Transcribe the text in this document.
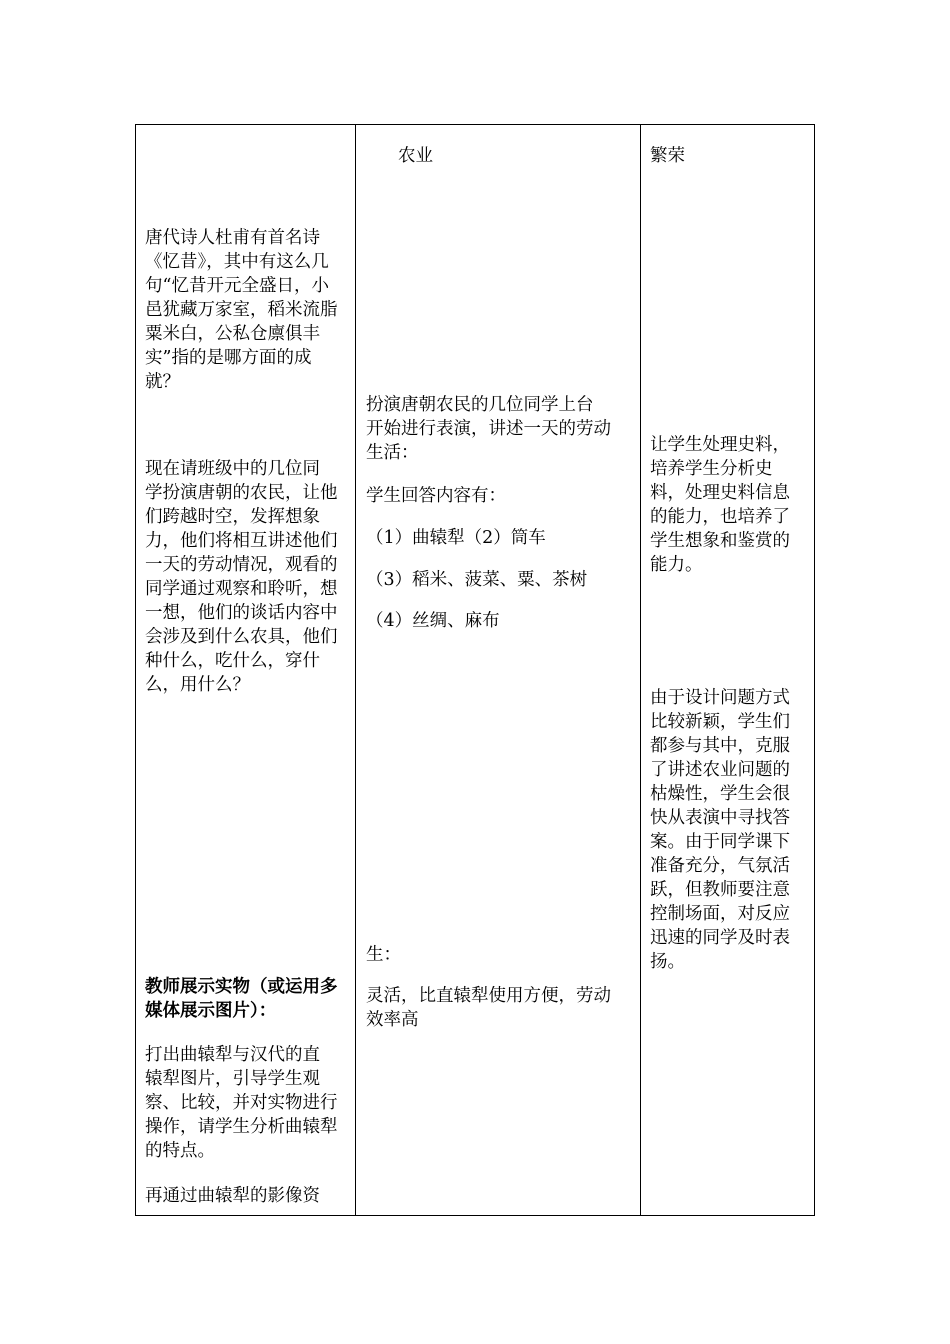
唐代诗人杜甫有首名诗
《忆昔》，其中有这么几
句“忆昔开元全盛日，小
邑犹藏万家室，稻米流脂
粟米白，公私仓廪俱丰
实”指的是哪方面的成
就？
现在请班级中的几位同
学扮演唐朝的农民，让他
们跨越时空，发挥想象
力，他们将相互讲述他们
一天的劳动情况，观看的
同学通过观察和聆听，想
一想，他们的谈话内容中
会涉及到什么农具，他们
种什么，吃什么，穿什
么，用什么？
教师展示实物（或运用多
媒体展示图片）：
打出曲辕犁与汉代的直
辕犁图片，引导学生观
察、比较，并对实物进行
操作，请学生分析曲辕犁
的特点。
再通过曲辕犁的影像资
农业
扮演唐朝农民的几位同学上台
开始进行表演，讲述一天的劳动
生活：
学生回答内容有：
（1）曲辕犁（2）筒车
（3）稻米、菠菜、粟、茶树
（4）丝绸、麻布
生：
灵活，比直辕犁使用方便，劳动
效率高
繁荣
让学生处理史料，
培养学生分析史
料，处理史料信息
的能力，也培养了
学生想象和鉴赏的
能力。
由于设计问题方式
比较新颖，学生们
都参与其中，克服
了讲述农业问题的
枯燥性，学生会很
快从表演中寻找答
案。由于同学课下
准备充分，气氛活
跃，但教师要注意
控制场面，对反应
迅速的同学及时表
扬。
